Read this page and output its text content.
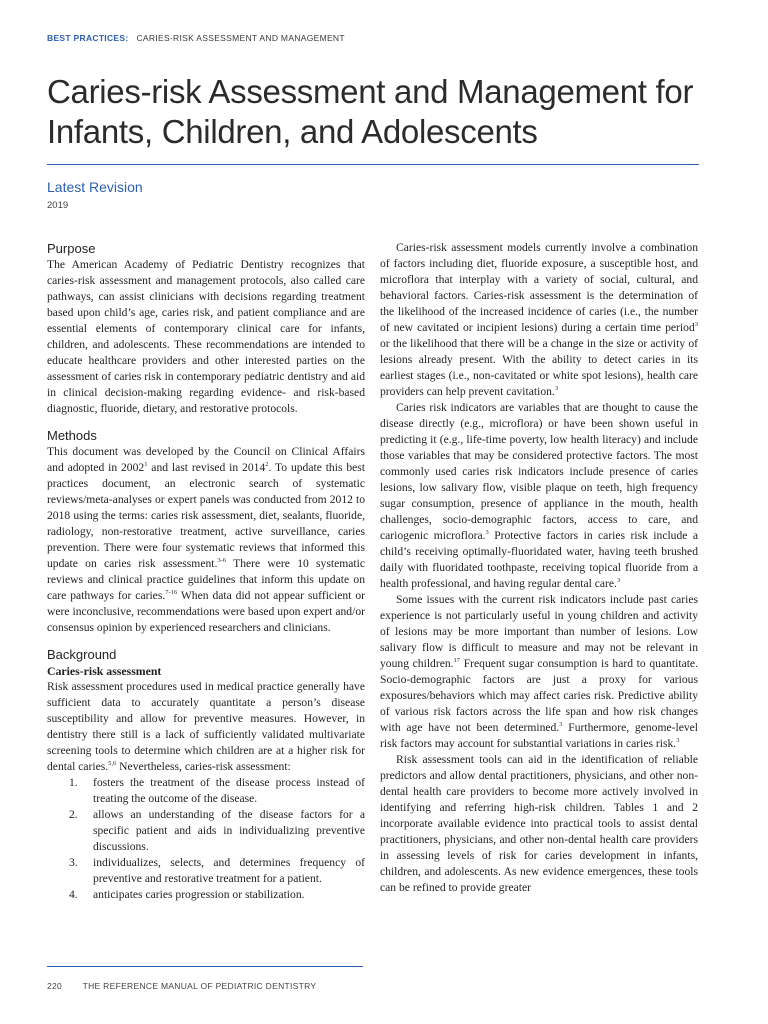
BEST PRACTICES: CARIES-RISK ASSESSMENT AND MANAGEMENT
Caries-risk Assessment and Management for
Infants, Children, and Adolescents
Latest Revision
2019
Purpose

The American Academy of Pediatric Dentistry recognizes that caries-risk assessment and management protocols, also called care pathways, can assist clinicians with decisions regarding treatment based upon child’s age, caries risk, and patient compliance and are essential elements of contemporary clinical care for infants, children, and adolescents. These recommendations are intended to educate healthcare providers and other interested parties on the assessment of caries risk in contemporary pediatric dentistry and aid in clinical decision-making regarding evidence- and risk-based diagnostic, fluoride, dietary, and restorative protocols.

Methods

This document was developed by the Council on Clinical Affairs and adopted in 2002$^1$ and last revised in 2014$^2$. To update this best practices document, an electronic search of systematic reviews/meta-analyses or expert panels was conducted from 2012 to 2018 using the terms: caries risk assessment, diet, sealants, fluoride, radiology, non-restorative treatment, active surveillance, caries prevention. There were four systematic reviews that informed this update on caries risk assessment.$^{3-6}$ There were 10 systematic reviews and clinical practice guidelines that inform this update on care pathways for caries.$^{7-16}$ When data did not appear sufficient or were inconclusive, recommendations were based upon expert and/or consensus opinion by experienced researchers and clinicians.

Background
Caries-risk assessment

Risk assessment procedures used in medical practice generally have sufficient data to accurately quantitate a person’s disease susceptibility and allow for preventive measures. However, in dentistry there still is a lack of sufficiently validated multivariate screening tools to determine which children are at a higher risk for dental caries.$^{5,6}$ Nevertheless, caries-risk assessment:

1. fosters the treatment of the disease process instead of treating the outcome of the disease.
2. allows an understanding of the disease factors for a specific patient and aids in individualizing preventive discussions.
3. individualizes, selects, and determines frequency of preventive and restorative treatment for a patient.
4. anticipates caries progression or stabilization.

Caries-risk assessment models currently involve a combination of factors including diet, fluoride exposure, a susceptible host, and microflora that interplay with a variety of social, cultural, and behavioral factors. Caries-risk assessment is the determination of the likelihood of the increased incidence of caries (i.e., the number of new cavitated or incipient lesions) during a certain time period$^3$ or the likelihood that there will be a change in the size or activity of lesions already present. With the ability to detect caries in its earliest stages (i.e., non-cavitated or white spot lesions), health care providers can help prevent cavitation.$^3$

Caries risk indicators are variables that are thought to cause the disease directly (e.g., microflora) or have been shown useful in predicting it (e.g., life-time poverty, low health literacy) and include those variables that may be considered protective factors. The most commonly used caries risk indicators include presence of caries lesions, low salivary flow, visible plaque on teeth, high frequency sugar consumption, presence of appliance in the mouth, health challenges, socio-demographic factors, access to care, and cariogenic microflora.$^3$ Protective factors in caries risk include a child’s receiving optimally-fluoridated water, having teeth brushed daily with fluoridated toothpaste, receiving topical fluoride from a health professional, and having regular dental care.$^3$

Some issues with the current risk indicators include past caries experience is not particularly useful in young children and activity of lesions may be more important than number of lesions. Low salivary flow is difficult to measure and may not be relevant in young children.$^{17}$ Frequent sugar consumption is hard to quantitate. Socio-demographic factors are just a proxy for various exposures/behaviors which may affect caries risk. Predictive ability of various risk factors across the life span and how risk changes with age have not been determined.$^3$ Furthermore, genome-level risk factors may account for substantial variations in caries risk.$^3$

Risk assessment tools can aid in the identification of reliable predictors and allow dental practitioners, physicians, and other non-dental health care providers to become more actively involved in identifying and referring high-risk children. Tables 1 and 2 incorporate available evidence into practical tools to assist dental practitioners, physicians, and other non-dental health care providers in assessing levels of risk for caries development in infants, children, and adolescents. As new evidence emergences, these tools can be refined to provide greater

220 THE REFERENCE MANUAL OF PEDIATRIC DENTISTRY
